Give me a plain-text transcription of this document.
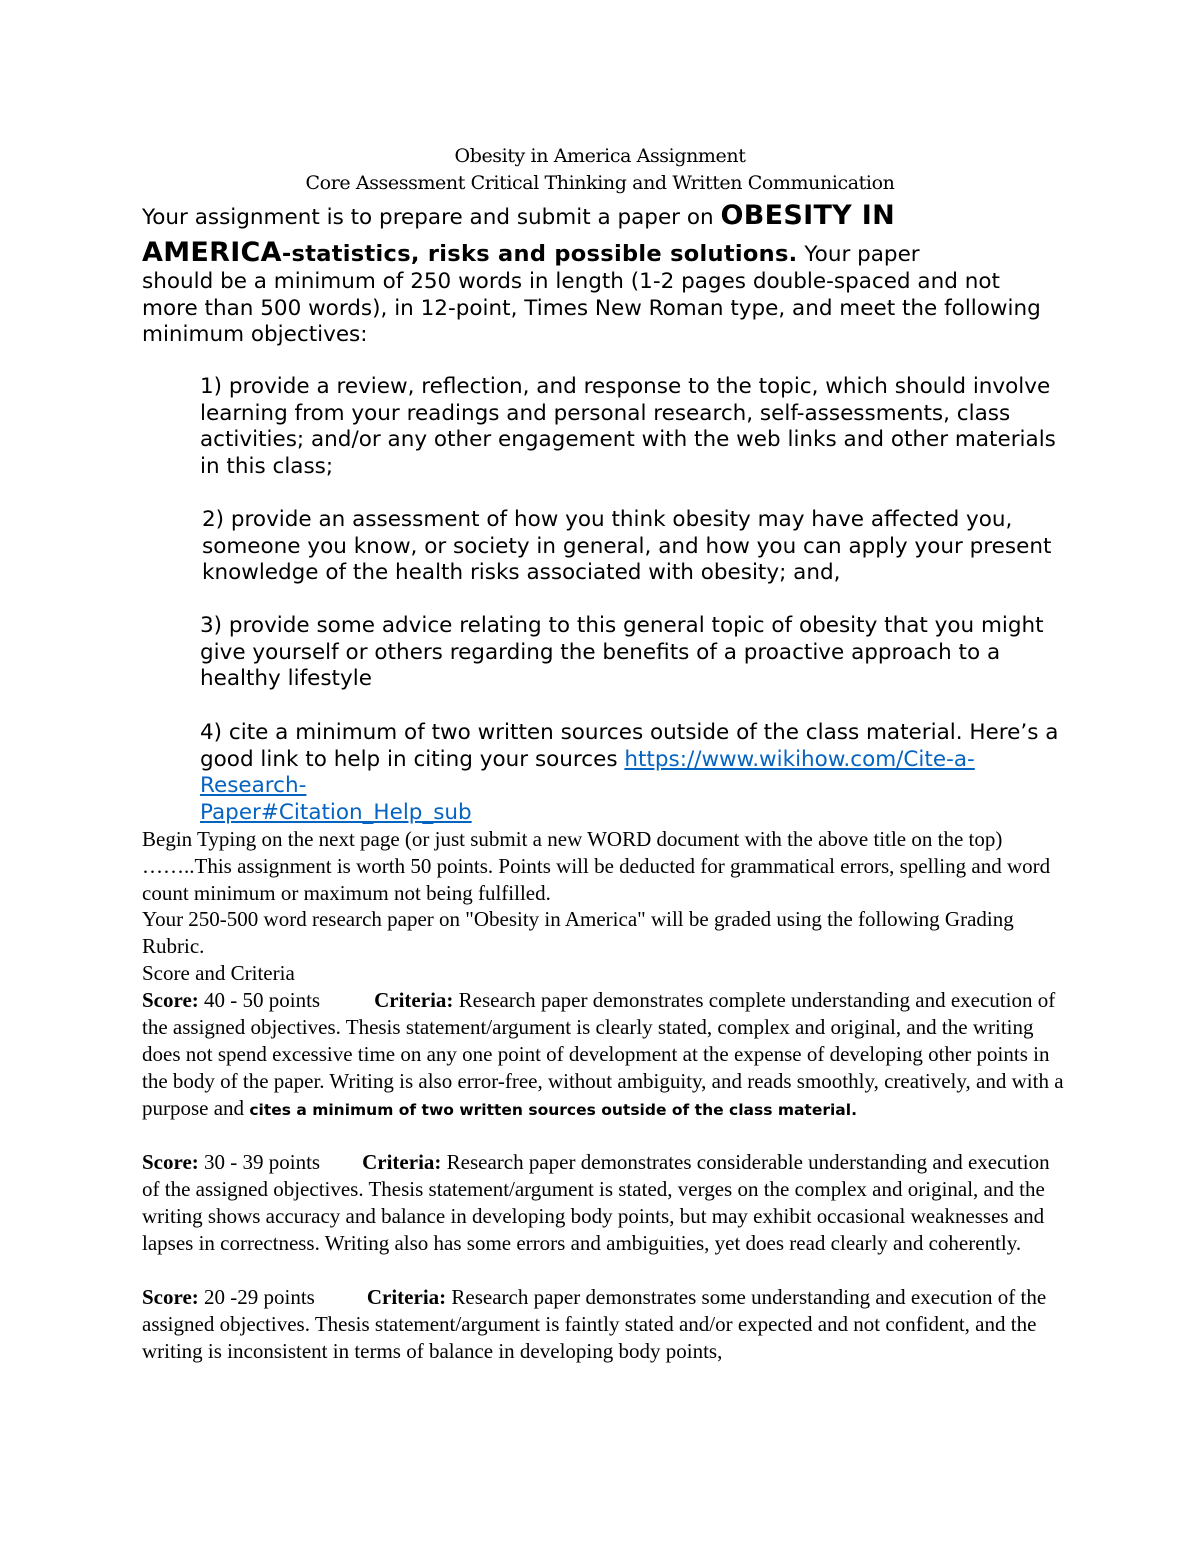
Obesity in America Assignment
Core Assessment Critical Thinking and Written Communication
Your assignment is to prepare and submit a paper on OBESITY IN
AMERICA-statistics, risks and possible solutions. Your paper
should be a minimum of 250 words in length (1-2 pages double-spaced and not more than 500 words), in 12-point, Times New Roman type, and meet the following minimum objectives:
1) provide a review, reflection, and response to the topic, which should involve learning from your readings and personal research, self-assessments, class activities; and/or any other engagement with the web links and other materials in this class;
2) provide an assessment of how you think obesity may have affected you, someone you know, or society in general, and how you can apply your present knowledge of the health risks associated with obesity; and,
3) provide some advice relating to this general topic of obesity that you might give yourself or others regarding the benefits of a proactive approach to a healthy lifestyle
4) cite a minimum of two written sources outside of the class material. Here’s a good link to help in citing your sources https://www.wikihow.com/Cite-a-Research-
Paper#Citation_Help_sub
Begin Typing on the next page (or just submit a new WORD document with the above title on the top) ……..This assignment is worth 50 points. Points will be deducted for grammatical errors, spelling and word count minimum or maximum not being fulfilled.
Your 250-500 word research paper on "Obesity in America" will be graded using the following Grading Rubric.
Score and Criteria
Score: 40 - 50 points	Criteria: Research paper demonstrates complete understanding and execution of the assigned objectives. Thesis statement/argument is clearly stated, complex and original, and the writing does not spend excessive time on any one point of development at the expense of developing other points in the body of the paper. Writing is also error-free, without ambiguity, and reads smoothly, creatively, and with a purpose and cites a minimum of two written sources outside of the class material.
Score: 30 - 39 points Criteria: Research paper demonstrates considerable understanding and execution of the assigned objectives. Thesis statement/argument is stated, verges on the complex and original, and the writing shows accuracy and balance in developing body points, but may exhibit occasional weaknesses and lapses in correctness. Writing also has some errors and ambiguities, yet does read clearly and coherently.
Score: 20 -29 points Criteria: Research paper demonstrates some understanding and execution of the assigned objectives. Thesis statement/argument is faintly stated and/or expected and not confident, and the writing is inconsistent in terms of balance in developing body points,
